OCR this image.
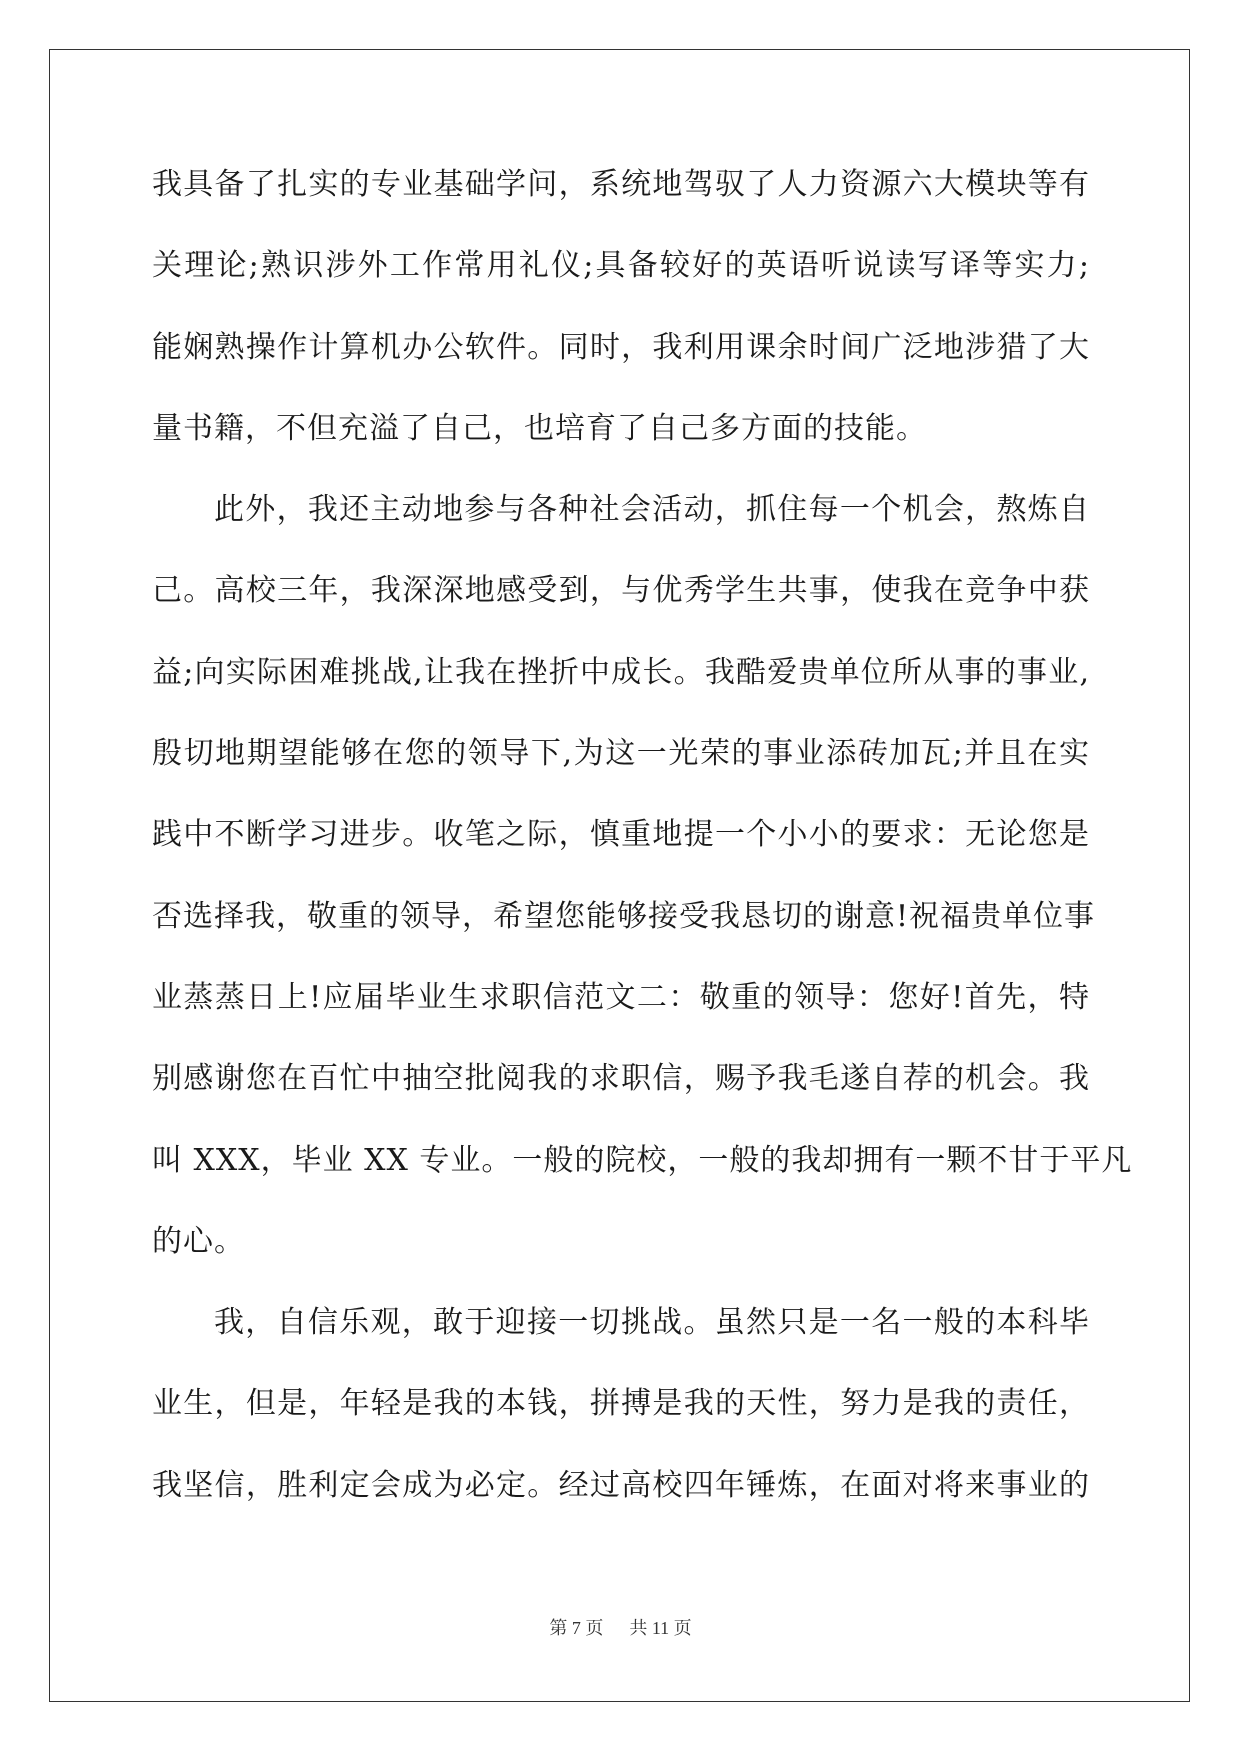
我具备了扎实的专业基础学问，系统地驾驭了人力资源六大模块等有
关理论;熟识涉外工作常用礼仪;具备较好的英语听说读写译等实力;
能娴熟操作计算机办公软件。同时，我利用课余时间广泛地涉猎了大
量书籍，不但充溢了自己，也培育了自己多方面的技能。
此外，我还主动地参与各种社会活动，抓住每一个机会，熬炼自
己。高校三年，我深深地感受到，与优秀学生共事，使我在竞争中获
益;向实际困难挑战,让我在挫折中成长。我酷爱贵单位所从事的事业,
殷切地期望能够在您的领导下,为这一光荣的事业添砖加瓦;并且在实
践中不断学习进步。收笔之际，慎重地提一个小小的要求：无论您是
否选择我，敬重的领导，希望您能够接受我恳切的谢意!祝福贵单位事
业蒸蒸日上!应届毕业生求职信范文二：敬重的领导：您好!首先，特
别感谢您在百忙中抽空批阅我的求职信，赐予我毛遂自荐的机会。我
叫 XXX，毕业 XX 专业。一般的院校，一般的我却拥有一颗不甘于平凡
的心。
我，自信乐观，敢于迎接一切挑战。虽然只是一名一般的本科毕
业生，但是，年轻是我的本钱，拼搏是我的天性，努力是我的责任，
我坚信，胜利定会成为必定。经过高校四年锤炼，在面对将来事业的
第 7 页 共 11 页
